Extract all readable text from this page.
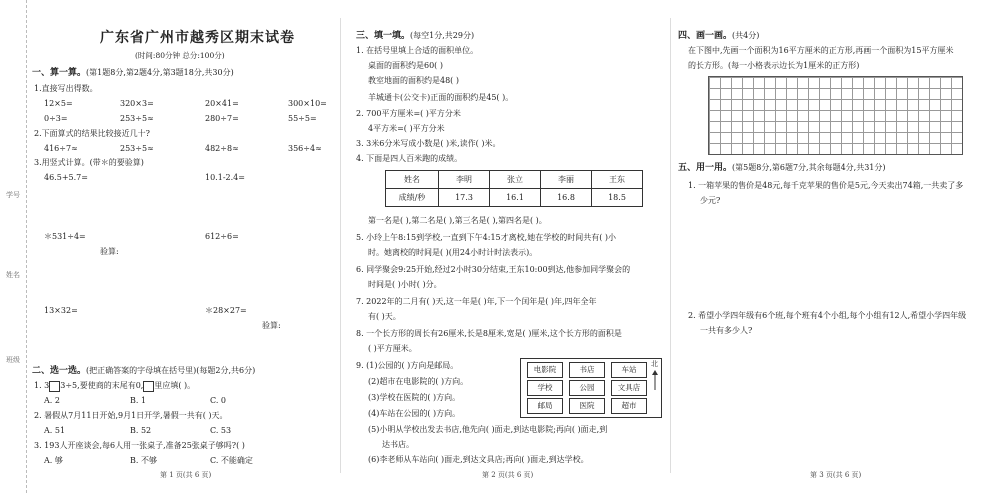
学号
姓名
班级
广东省广州市越秀区期末试卷
(时间:80分钟 总分:100分)
一、算一算。(第1题8分,第2题4分,第3题18分,共30分)
1.直接写出得数。
12×5=	320×3=	20×41=	300×10=
0÷3=	253÷5≈	280÷7=	55÷5=
2.下面算式的结果比较接近几十?
416÷7≈	253÷5≈	482÷8≈	356÷4≈
3.用竖式计算。(带＊的要验算)
46.5+5.7=	10.1-2.4=
＊531÷4=	612÷6=
验算:
13×32=	＊28×27=
验算:
二、选一选。(把正确答案的字母填在括号里)(每题2分,共6分)
1. 3 3÷5,要使商的末尾有0, 里应填( )。
A. 2	B. 1	C. 0
2. 暑假从7月11日开始,9月1日开学,暑假一共有( )天。
A. 51	B. 52	C. 53
3. 193人开座谈会,每6人用一张桌子,准备25张桌子够吗?( )
A. 够	B. 不够	C. 不能确定
第 1 页(共 6 页)
三、填一填。(每空1分,共29分)
1. 在括号里填上合适的面积单位。
桌面的面积约是60( )
教室地面的面积约是48( )
羊城通卡(公交卡)正面的面积约是45( )。
2. 700平方厘米=( )平方分米
4平方米=( )平方分米
3. 3米6分米写成小数是( )米,读作( )米。
4. 下面是四人百米跑的成绩。
姓名	李明	张立	李丽	王东
成绩/秒	17.3	16.1	16.8	18.5
第一名是( ),第二名是( ),第三名是( ),第四名是( )。
5. 小玲上午8:15到学校,一直到下午4:15才离校,她在学校的时间共有( )小
时。她离校的时间是( )(用24小时计时法表示)。
6. 同学聚会9:25开始,经过2小时30分结束,王东10:00到达,他参加同学聚会的
时间是( )小时( )分。
7. 2022年的二月有( )天,这一年是( )年,下一个闰年是( )年,四年全年
有( )天。
8. 一个长方形的周长有26厘米,长是8厘米,宽是( )厘米,这个长方形的面积是
( )平方厘米。
9. (1)公园的( )方向是邮局。
(2)超市在电影院的( )方向。
(3)学校在医院的( )方向。
(4)车站在公园的( )方向。
(5)小明从学校出发去书店,他先向( )面走,到达电影院;再向( )面走,到
达书店。
(6)李老师从车站向( )面走,到达文具店;再向( )面走,到达学校。
电影院	书店	车站
学校	公园	文具店
邮局	医院	超市
北
第 2 页(共 6 页)
四、画一画。(共4分)
在下图中,先画一个面积为16平方厘米的正方形,再画一个面积为15平方厘米
的长方形。(每一小格表示边长为1厘米的正方形)
五、用一用。(第5题8分,第6题7分,其余每题4分,共31分)
1. 一箱苹果的售价是48元,每千克苹果的售价是5元,今天卖出74箱,一共卖了多
少元?
2. 希望小学四年级有6个班,每个班有4个小组,每个小组有12人,希望小学四年级
一共有多少人?
第 3 页(共 6 页)
